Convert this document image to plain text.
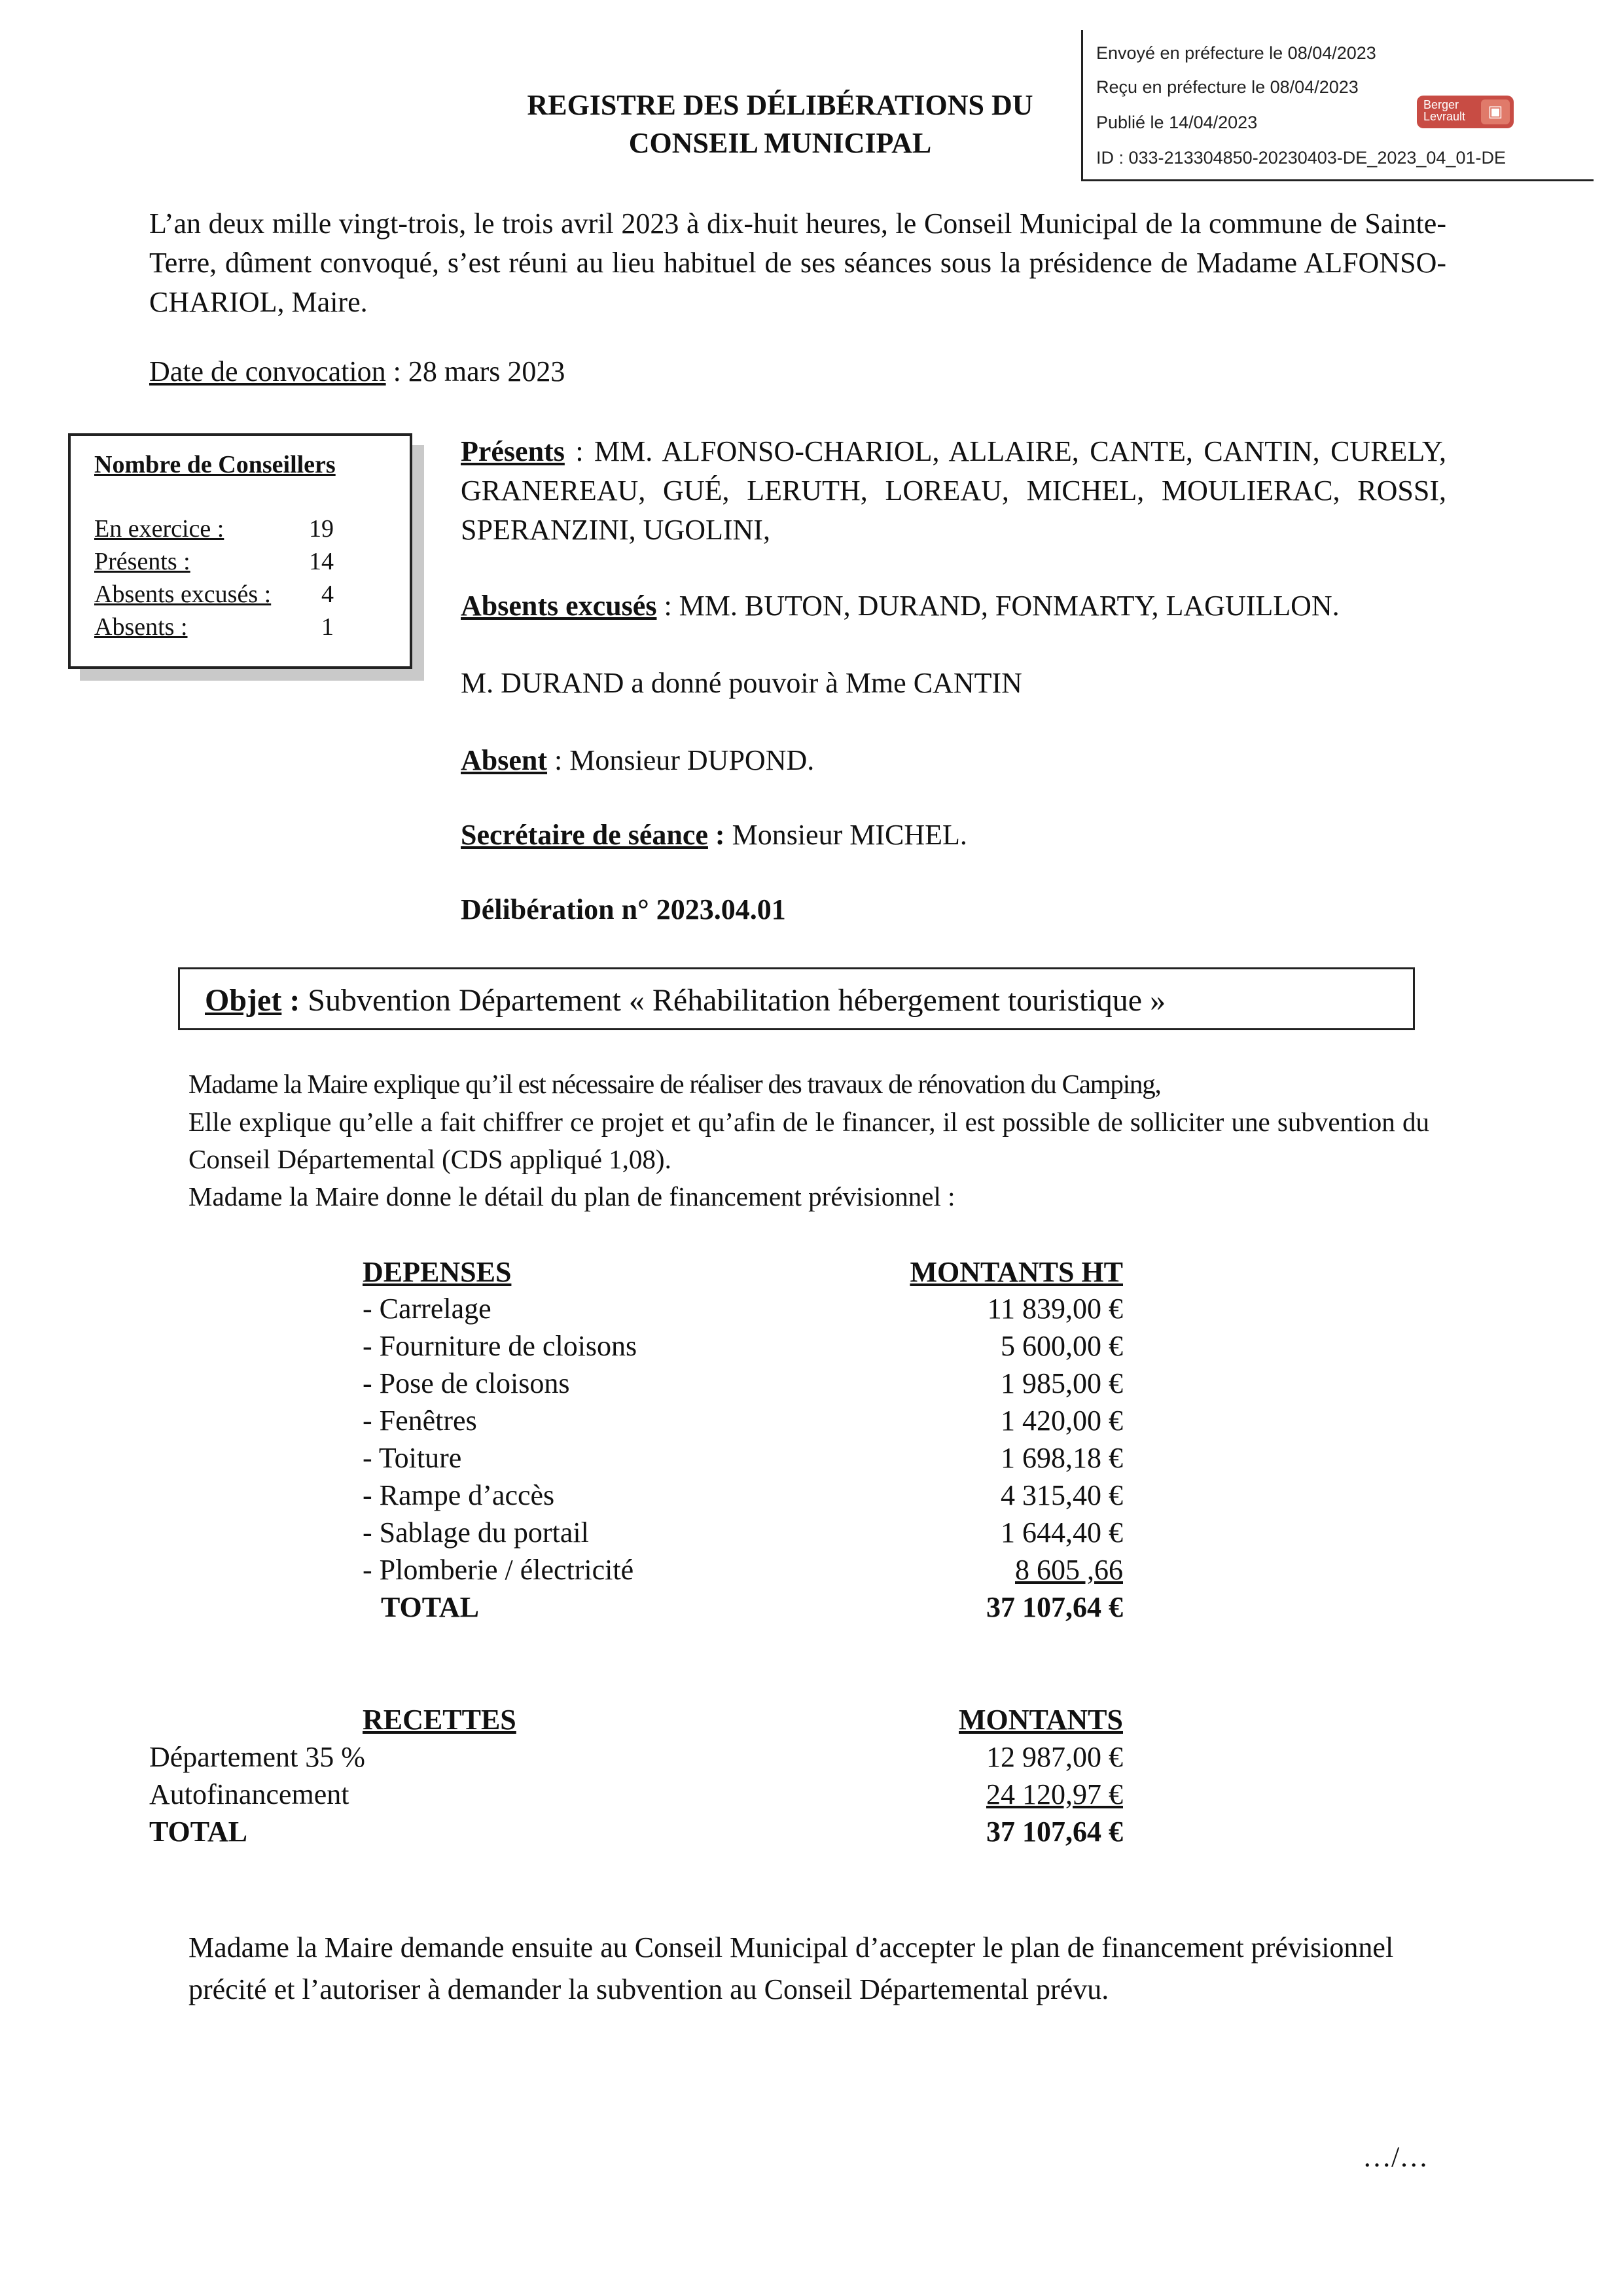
Envoyé en préfecture le 08/04/2023
Reçu en préfecture le 08/04/2023
Publié le 14/04/2023
ID : 033-213304850-20230403-DE_2023_04_01-DE
Berger
Levrault	▣
REGISTRE DES DÉLIBÉRATIONS DU
CONSEIL MUNICIPAL
L’an deux mille vingt-trois, le trois avril 2023 à dix-huit heures, le Conseil Municipal de la commune de Sainte-Terre, dûment convoqué, s’est réuni au lieu habituel de ses séances sous la présidence de Madame ALFONSO-CHARIOL, Maire.
Date de convocation : 28 mars 2023
Nombre de Conseillers
En exercice :	19
Présents :	14
Absents excusés : 4
Absents :	1
Présents : MM. ALFONSO-CHARIOL, ALLAIRE, CANTE, CANTIN, CURELY, GRANEREAU, GUÉ, LERUTH, LOREAU, MICHEL, MOULIERAC, ROSSI, SPERANZINI, UGOLINI,
Absents excusés : MM. BUTON, DURAND, FONMARTY, LAGUILLON.
M. DURAND a donné pouvoir à Mme CANTIN
Absent : Monsieur DUPOND.
Secrétaire de séance : Monsieur MICHEL.
Délibération n° 2023.04.01
Objet : Subvention Département « Réhabilitation hébergement touristique »
Madame la Maire explique qu’il est nécessaire de réaliser des travaux de rénovation du Camping,
Elle explique qu’elle a fait chiffrer ce projet et qu’afin de le financer, il est possible de solliciter une subvention du Conseil Départemental (CDS appliqué 1,08).
Madame la Maire donne le détail du plan de financement prévisionnel :
DEPENSES	MONTANTS HT
- Carrelage	11 839,00 €
- Fourniture de cloisons	5 600,00 €
- Pose de cloisons	1 985,00 €
- Fenêtres	1 420,00 €
- Toiture	1 698,18 €
- Rampe d’accès	4 315,40 €
- Sablage du portail	1 644,40 €
- Plomberie / électricité	8 605 ,66
TOTAL	37 107,64 €
RECETTES	MONTANTS
Département 35 %	12 987,00 €
Autofinancement	24 120,97 €
TOTAL	37 107,64 €
Madame la Maire demande ensuite au Conseil Municipal d’accepter le plan de financement prévisionnel précité et l’autoriser à demander la subvention au Conseil Départemental prévu.
…/…
